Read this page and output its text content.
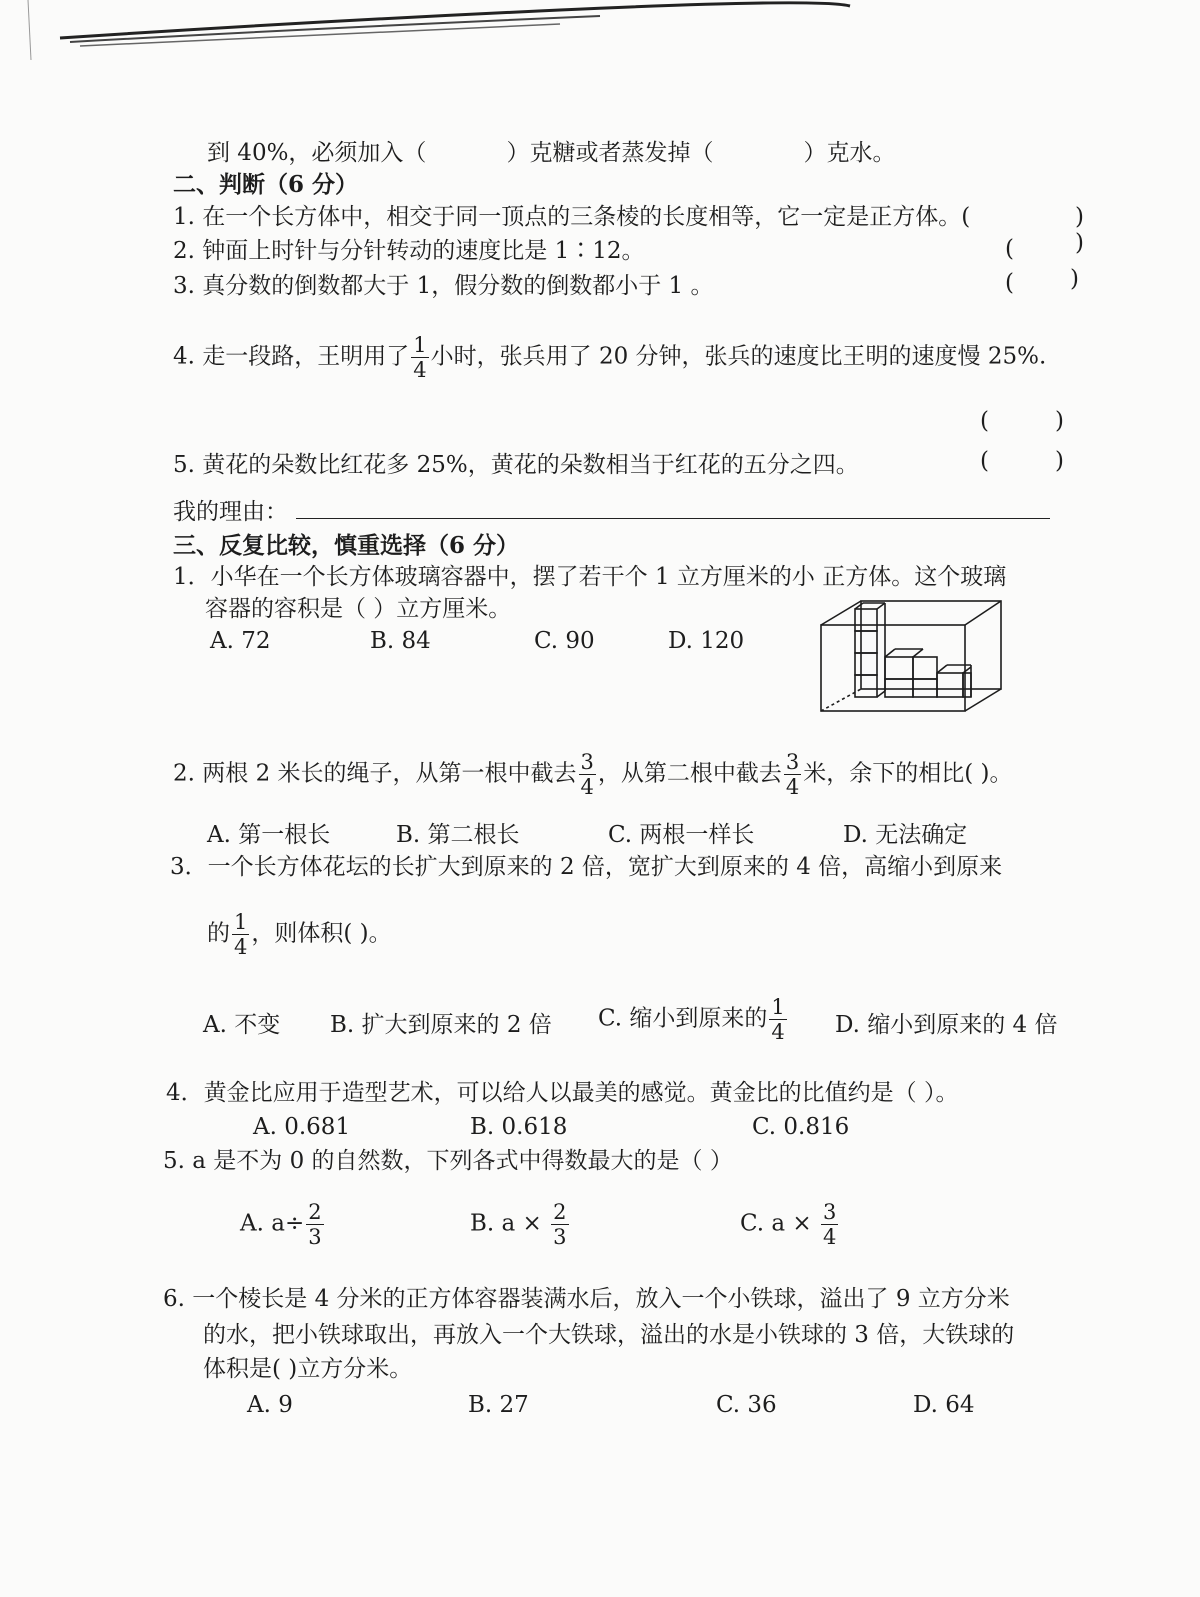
到 40%，必须加入（	）克糖或者蒸发掉（	）克水。
二、判断（6 分）
1. 在一个长方体中，相交于同一顶点的三条棱的长度相等，它一定是正方体。(	)
2. 钟面上时针与分针转动的速度比是 1∶12。	(	)
3. 真分数的倒数都大于 1，假分数的倒数都小于 1 。	( )
4. 走一段路，王明用了 $\frac{1}{4}$ 小时，张兵用了 20 分钟，张兵的速度比王明的速度慢 25%.
(	)
5. 黄花的朵数比红花多 25%，黄花的朵数相当于红花的五分之四。	(	)
我的理由：
三、反复比较，慎重选择（6 分）
1．小华在一个长方体玻璃容器中，摆了若干个 1 立方厘米的小 正方体。这个玻璃
容器的容积是（ ）立方厘米。
A. 72	B. 84	C. 90	D. 120
2. 两根 2 米长的绳子，从第一根中截去 $\frac{3}{4}$ ，从第二根中截去 $\frac{3}{4}$ 米，余下的相比( )。
A. 第一根长	B. 第二根长	C. 两根一样长	D. 无法确定
3．一个长方体花坛的长扩大到原来的 2 倍，宽扩大到原来的 4 倍，高缩小到原来
的 $\frac{1}{4}$ ，则体积( )。
A. 不变 B. 扩大到原来的 2 倍 C. 缩小到原来的 $\frac{1}{4} D$. 缩小到原来的 4 倍
4．黄金比应用于造型艺术，可以给人以最美的感觉。黄金比的比值约是（ ）。
A. 0.681	B. 0.618	C. 0.816
5. a 是不为 0 的自然数，下列各式中得数最大的是（ ）
A. $a\div \frac{2}{3}$	B. $a \times \frac{2}{3}$	C. $a \times \frac{3}{4}$
6. 一个棱长是 4 分米的正方体容器装满水后，放入一个小铁球，溢出了 9 立方分米
的水，把小铁球取出，再放入一个大铁球，溢出的水是小铁球的 3 倍，大铁球的
体积是( )立方分米。
A. 9	B. 27	C. 36	D. 64
